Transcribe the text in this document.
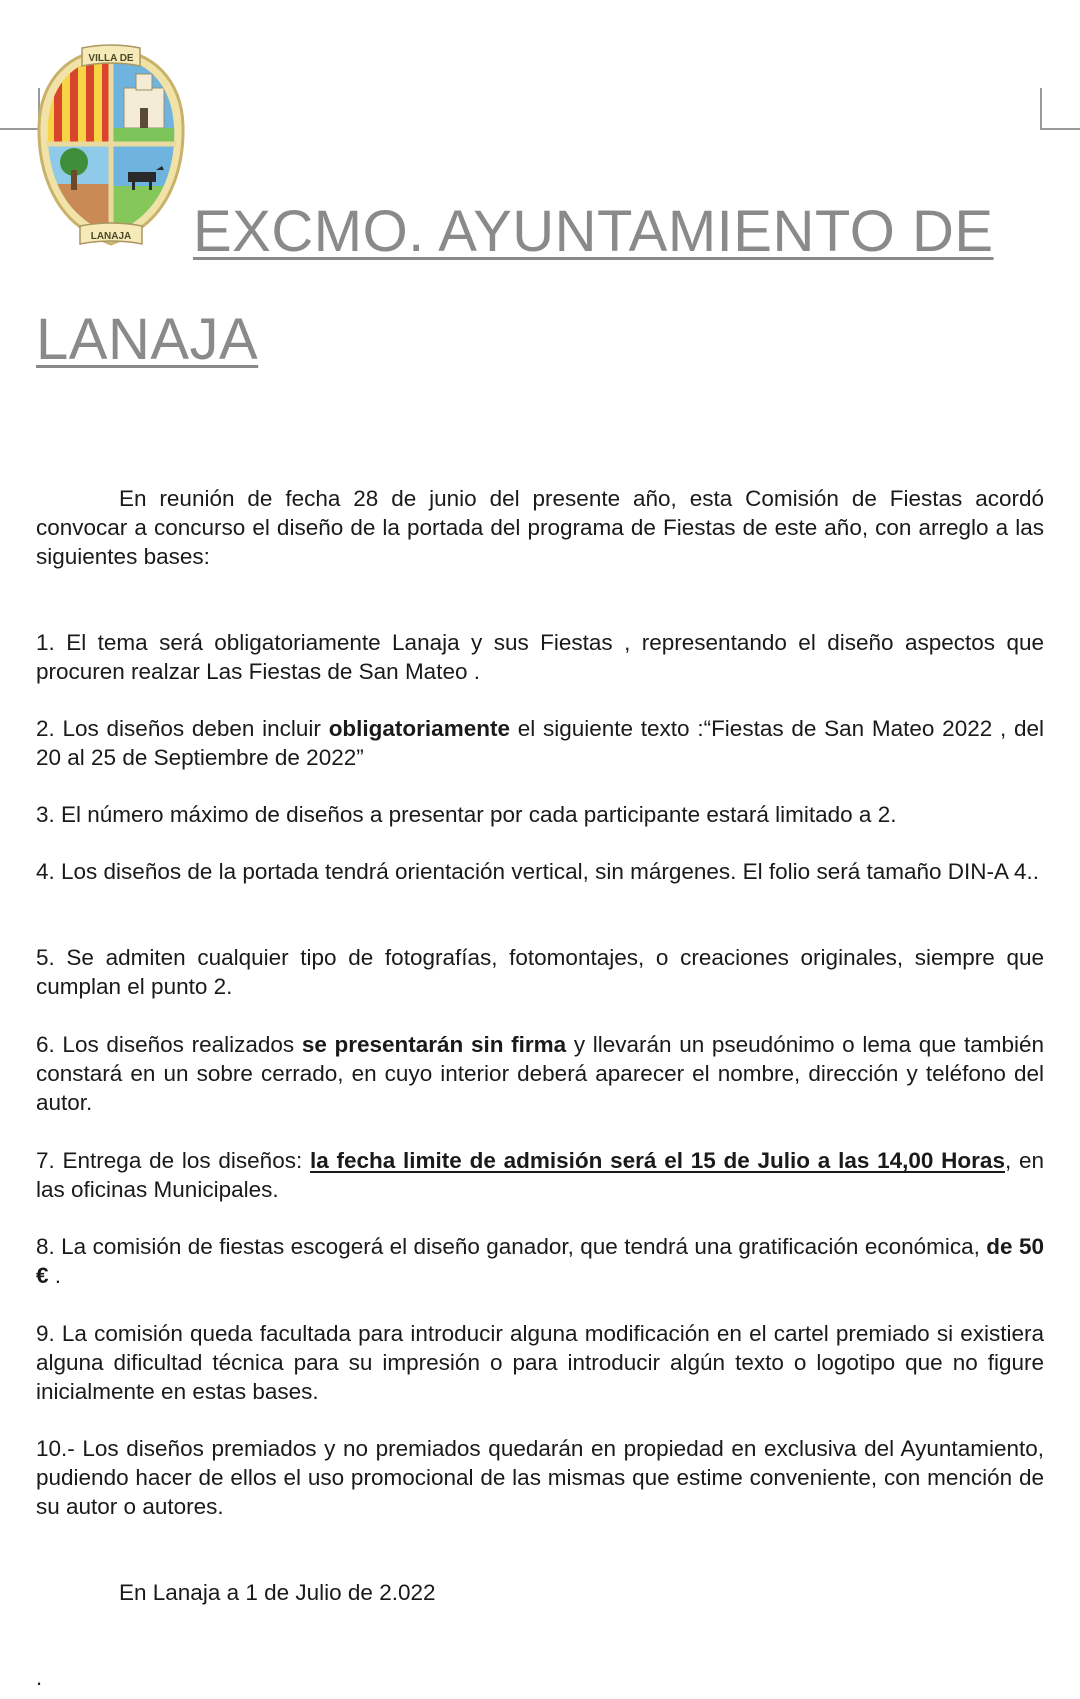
VILLA DE
LANAJA EXCMO. AYUNTAMIENTO DE
LANAJA
En reunión de fecha 28 de junio del presente año, esta Comisión de Fiestas acordó convocar a concurso el diseño de la portada del programa de Fiestas de este año, con arreglo a las siguientes bases:
1. El tema será obligatoriamente Lanaja y sus Fiestas , representando el diseño aspectos que procuren realzar Las Fiestas de San Mateo .
2. Los diseños deben incluir obligatoriamente el siguiente texto :“Fiestas de San Mateo 2022 , del 20 al 25 de Septiembre de 2022”
3. El número máximo de diseños a presentar por cada participante estará limitado a 2.
4. Los diseños de la portada tendrá orientación vertical, sin márgenes. El folio será tamaño DIN-A 4..
5. Se admiten cualquier tipo de fotografías, fotomontajes, o creaciones originales, siempre que cumplan el punto 2.
6. Los diseños realizados se presentarán sin firma y llevarán un pseudónimo o lema que también constará en un sobre cerrado, en cuyo interior deberá aparecer el nombre, dirección y teléfono del autor.
7. Entrega de los diseños: la fecha limite de admisión será el 15 de Julio a las 14,00 Horas, en las oficinas Municipales.
8. La comisión de fiestas escogerá el diseño ganador, que tendrá una gratificación económica, de 50 € .
9. La comisión queda facultada para introducir alguna modificación en el cartel premiado si existiera alguna dificultad técnica para su impresión o para introducir algún texto o logotipo que no figure inicialmente en estas bases.
10.- Los diseños premiados y no premiados quedarán en propiedad en exclusiva del Ayuntamiento, pudiendo hacer de ellos el uso promocional de las mismas que estime conveniente, con mención de su autor o autores.
En Lanaja a 1 de Julio de 2.022
.
